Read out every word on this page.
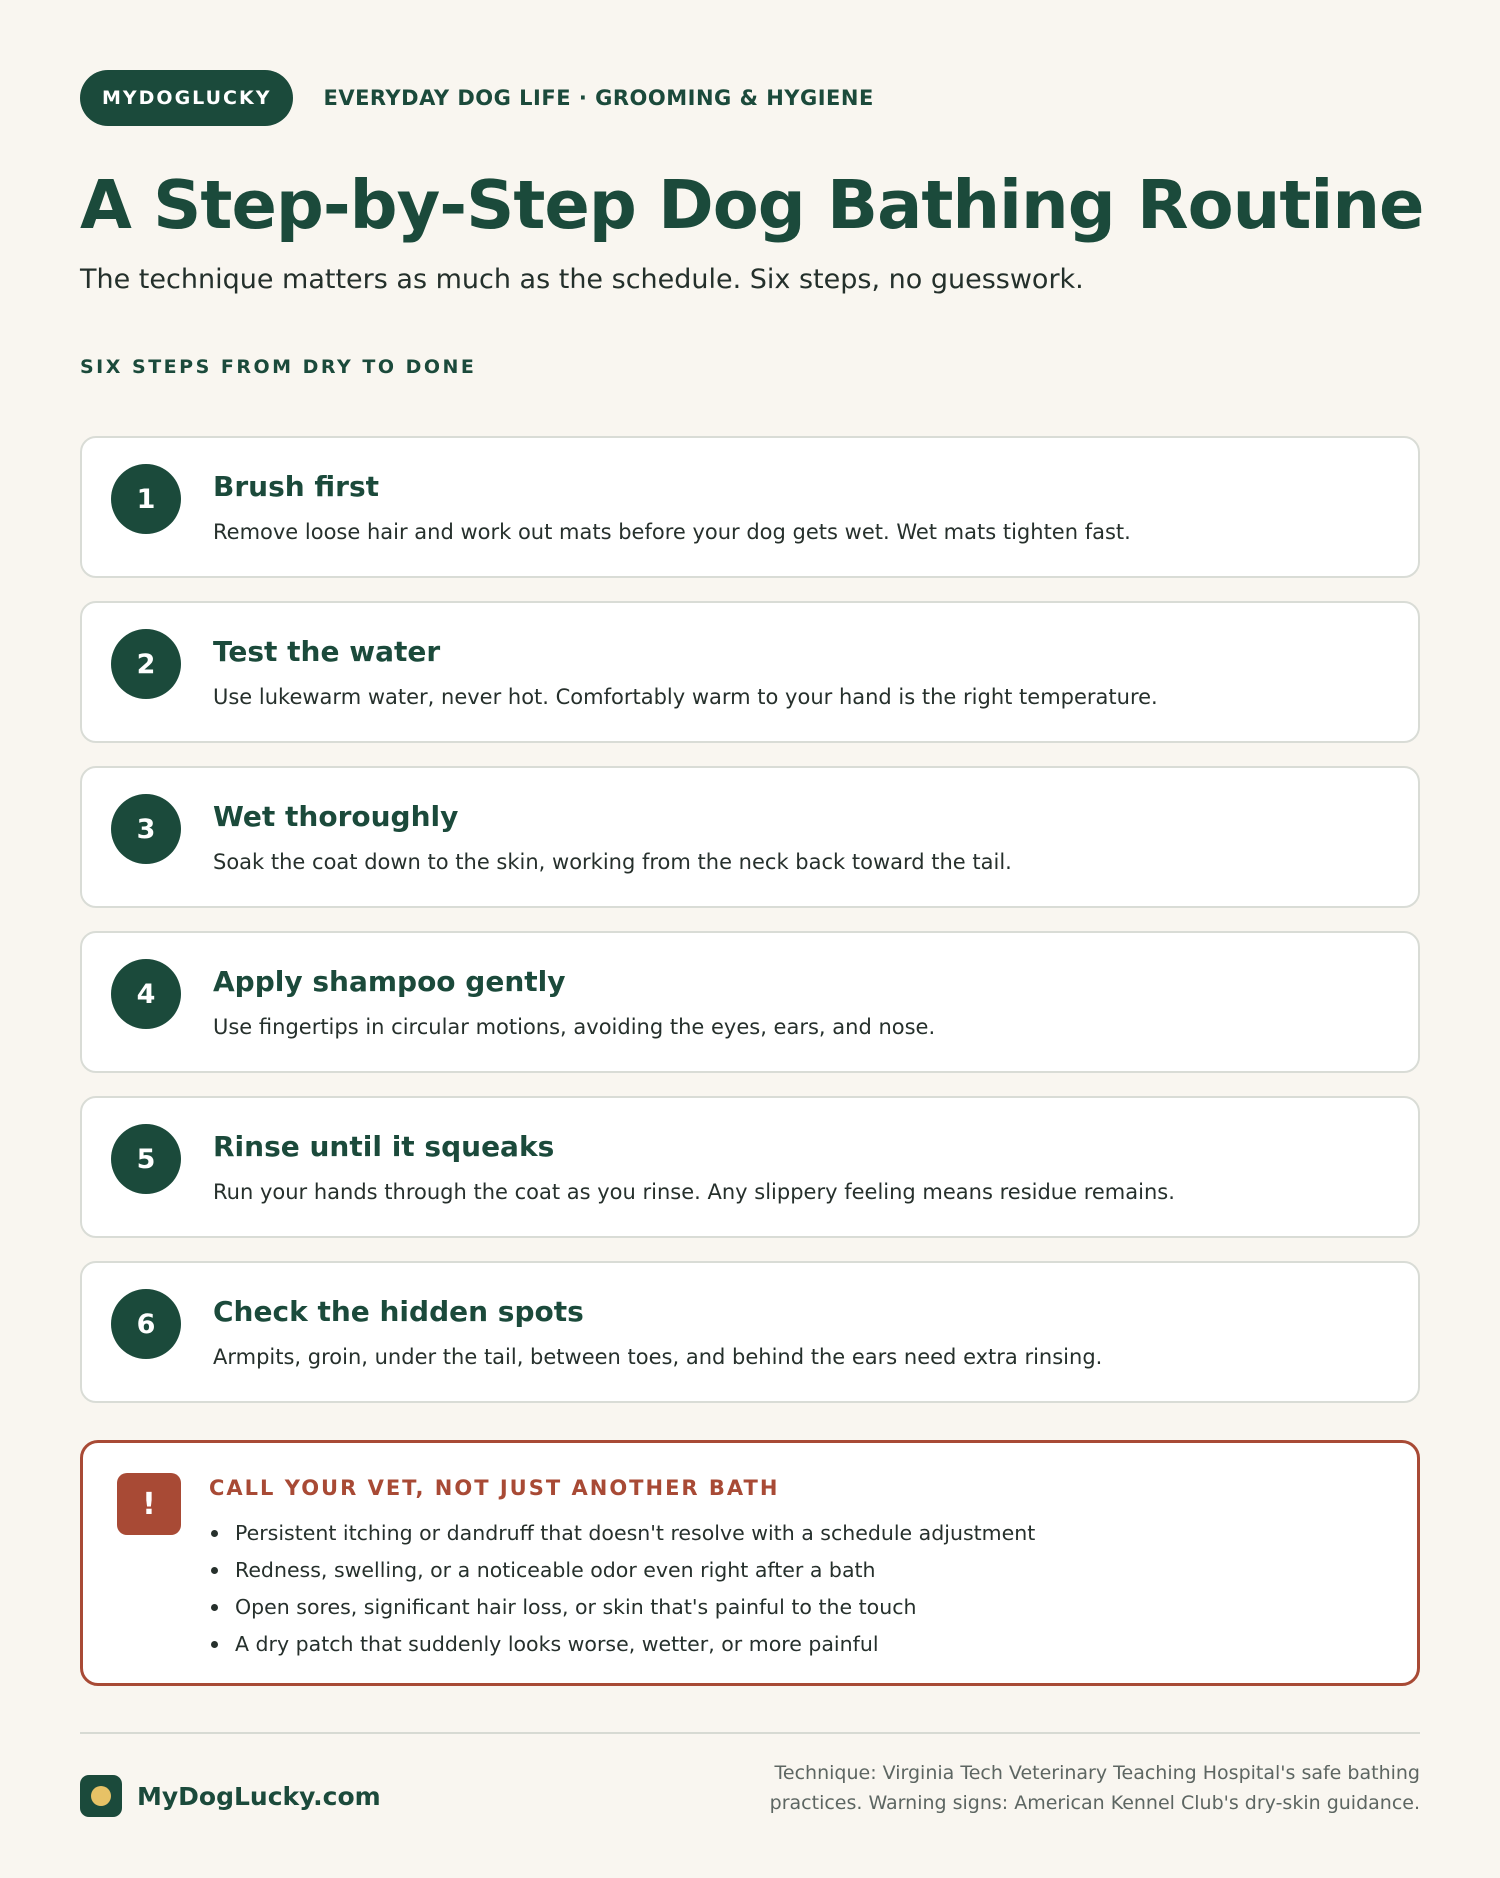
MYDOGLUCKY	EVERYDAY DOG LIFE · GROOMING & HYGIENE
A Step-by-Step Dog Bathing Routine

The technique matters as much as the schedule. Six steps, no guesswork.

SIX STEPS FROM DRY TO DONE
1	Brush first
Remove loose hair and work out mats before your dog gets wet. Wet mats tighten fast.
2	Test the water
Use lukewarm water, never hot. Comfortably warm to your hand is the right temperature.
3	Wet thoroughly
Soak the coat down to the skin, working from the neck back toward the tail.
4	Apply shampoo gently
Use fingertips in circular motions, avoiding the eyes, ears, and nose.
5	Rinse until it squeaks
Run your hands through the coat as you rinse. Any slippery feeling means residue remains.
6	Check the hidden spots
Armpits, groin, under the tail, between toes, and behind the ears need extra rinsing.
!	CALL YOUR VET, NOT JUST ANOTHER BATH
Persistent itching or dandruff that doesn't resolve with a schedule adjustment
Redness, swelling, or a noticeable odor even right after a bath
Open sores, significant hair loss, or skin that's painful to the touch
A dry patch that suddenly looks worse, wetter, or more painful
MyDogLucky.com
Technique: Virginia Tech Veterinary Teaching Hospital's safe bathing
practices. Warning signs: American Kennel Club's dry-skin guidance.
